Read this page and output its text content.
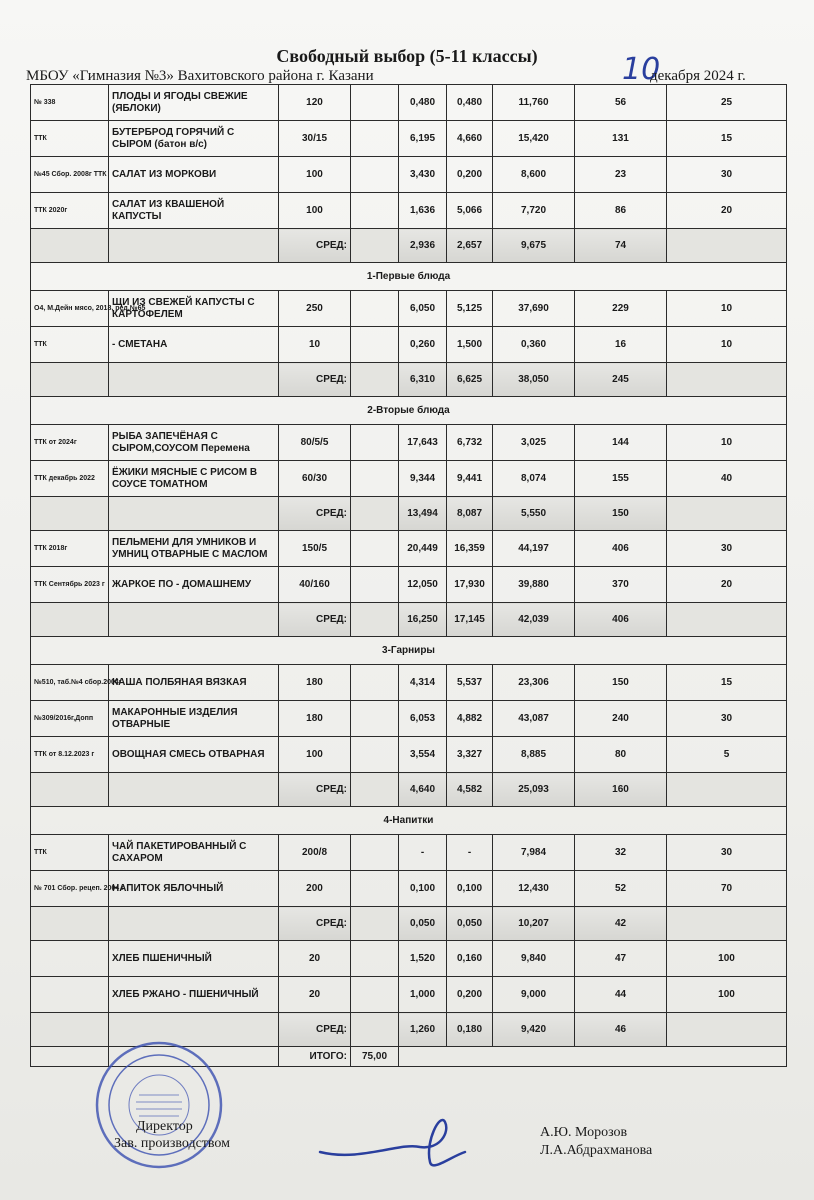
Свободный выбор (5-11 классы)
МБОУ «Гимназия №3» Вахитовского района г. Казани	10
декабря 2024 г.
№ 338	ПЛОДЫ И ЯГОДЫ СВЕЖИЕ (ЯБЛОКИ)	120		0,480	0,480	11,760	56	25
ТТК	БУТЕРБРОД ГОРЯЧИЙ С СЫРОМ (батон в/с)	30/15		6,195	4,660	15,420	131	15
№45 Сбор. 2008г ТТК	САЛАТ ИЗ МОРКОВИ	100		3,430	0,200	8,600	23	30
ТТК 2020г	САЛАТ ИЗ КВАШЕНОЙ КАПУСТЫ	100		1,636	5,066	7,720	86	20
		СРЕД:		2,936	2,657	9,675	74	
1-Первые блюда								
О4, М.Дейн мясо, 2018, ред.№65	ЩИ ИЗ СВЕЖЕЙ КАПУСТЫ С КАРТОФЕЛЕМ	250		6,050	5,125	37,690	229	10
ТТК	- СМЕТАНА	10		0,260	1,500	0,360	16	10
		СРЕД:		6,310	6,625	38,050	245	
2-Вторые блюда								
ТТК от 2024г	РЫБА ЗАПЕЧЁНАЯ С СЫРОМ,СОУСОМ Перемена	80/5/5		17,643	6,732	3,025	144	10
ТТК декабрь 2022	ЁЖИКИ МЯСНЫЕ С РИСОМ В СОУСЕ ТОМАТНОМ	60/30		9,344	9,441	8,074	155	40
		СРЕД:		13,494	8,087	5,550	150	
ТТК 2018г	ПЕЛЬМЕНИ ДЛЯ УМНИКОВ И УМНИЦ ОТВАРНЫЕ С МАСЛОМ	150/5		20,449	16,359	44,197	406	30
ТТК Сентябрь 2023 г	ЖАРКОЕ ПО - ДОМАШНЕМУ	40/160		12,050	17,930	39,880	370	20
		СРЕД:		16,250	17,145	42,039	406	
3-Гарниры								
№510, таб.№4 сбор.2004г	КАША ПОЛБЯНАЯ ВЯЗКАЯ	180		4,314	5,537	23,306	150	15
№309/2016г,Допп	МАКАРОННЫЕ ИЗДЕЛИЯ ОТВАРНЫЕ	180		6,053	4,882	43,087	240	30
ТТК от 8.12.2023 г	ОВОЩНАЯ СМЕСЬ ОТВАРНАЯ	100		3,554	3,327	8,885	80	5
		СРЕД:		4,640	4,582	25,093	160	
4-Напитки								
ТТК	ЧАЙ ПАКЕТИРОВАННЫЙ С САХАРОМ	200/8		-	-	7,984	32	30
№ 701 Сбор. рецеп. 2004 г	НАПИТОК ЯБЛОЧНЫЙ	200		0,100	0,100	12,430	52	70
		СРЕД:		0,050	0,050	10,207	42	
	ХЛЕБ ПШЕНИЧНЫЙ	20		1,520	0,160	9,840	47	100
	ХЛЕБ РЖАНО - ПШЕНИЧНЫЙ	20		1,000	0,200	9,000	44	100
		СРЕД:		1,260	0,180	9,420	46	
		ИТОГО:	75,00					
Директор
Зав. производством
А.Ю. Морозов
Л.А.Абдрахманова
